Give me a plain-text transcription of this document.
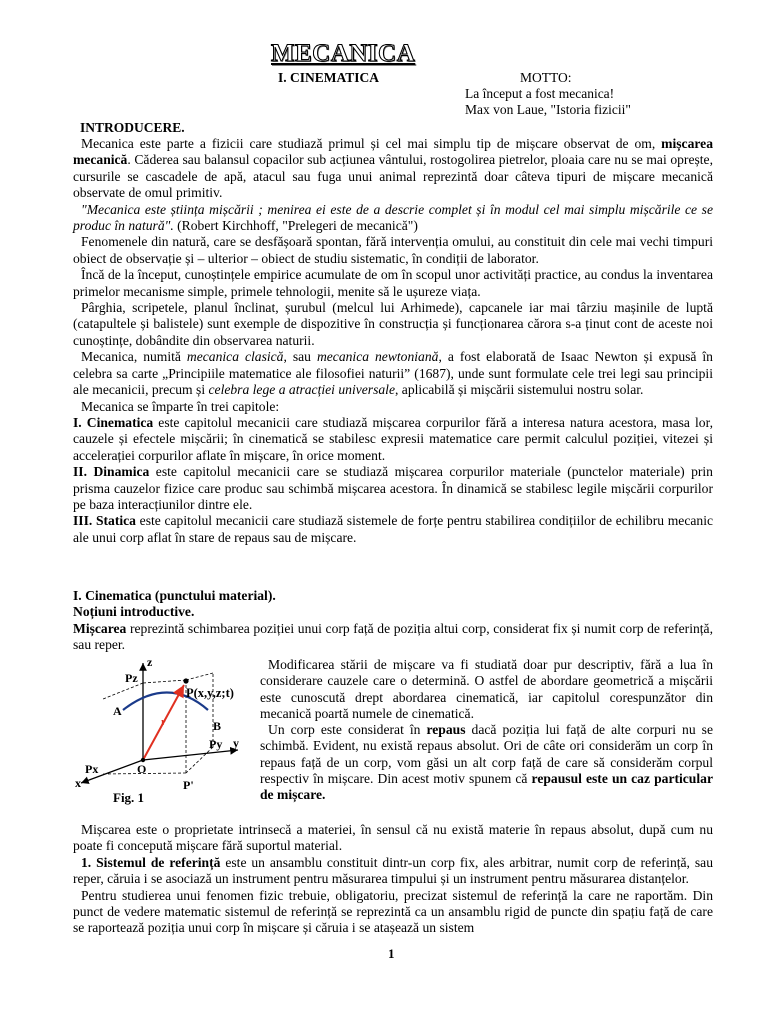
MECANICA
I. CINEMATICA	MOTTO:
La început a fost mecanica!
Max von Laue, "Istoria fizicii"
INTRODUCERE.

Mecanica este parte a fizicii care studiază primul și cel mai simplu tip de mișcare observat de om, mișcarea mecanică. Căderea sau balansul copacilor sub acțiunea vântului, rostogolirea pietrelor, ploaia care nu se mai oprește, cursurile se cascadele de apă, atacul sau fuga unui animal reprezintă doar câteva tipuri de mișcare mecanică observate de omul primitiv.

"Mecanica este știința mișcării ; menirea ei este de a descrie complet și în modul cel mai simplu mișcările ce se produc în natură". (Robert Kirchhoff, "Prelegeri de mecanică")

Fenomenele din natură, care se desfășoară spontan, fără intervenția omului, au constituit din cele mai vechi timpuri obiect de observație și – ulterior – obiect de studiu sistematic, în condiții de laborator.

Încă de la început, cunoștințele empirice acumulate de om în scopul unor activități practice, au condus la inventarea primelor mecanisme simple, primele tehnologii, menite să le ușureze viața.

Pârghia, scripetele, planul înclinat, șurubul (melcul lui Arhimede), capcanele iar mai târziu mașinile de luptă (catapultele și balistele) sunt exemple de dispozitive în construcția și funcționarea cărora s-a ținut cont de aceste noi cunoștințe, dobândite din observarea naturii.

Mecanica, numită mecanica clasică, sau mecanica newtoniană, a fost elaborată de Isaac Newton și expusă în celebra sa carte „Principiile matematice ale filosofiei naturii” (1687), unde sunt formulate cele trei legi sau principii ale mecanicii, precum și celebra lege a atracției universale, aplicabilă și mișcării sistemului nostru solar.

Mecanica se împarte în trei capitole:

I. Cinematica este capitolul mecanicii care studiază mișcarea corpurilor fără a interesa natura acestora, masa lor, cauzele și efectele mișcării; în cinematică se stabilesc expresii matematice care permit calculul poziției, vitezei și accelerației corpurilor aflate în mișcare, în orice moment.

II. Dinamica este capitolul mecanicii care se studiază mișcarea corpurilor materiale (punctelor materiale) prin prisma cauzelor fizice care produc sau schimbă mișcarea acestora. În dinamică se stabilesc legile mișcării corpurilor pe baza interacțiunilor dintre ele.

III. Statica este capitolul mecanicii care studiază sistemele de forțe pentru stabilirea condițiilor de echilibru mecanic ale unui corp aflat în stare de repaus sau de mișcare.

I. Cinematica (punctului material).

Noțiuni introductive.

Mișcarea reprezintă schimbarea poziției unui corp față de poziția altui corp, considerat fix și numit corp de referință, sau reper.

z
Pz
P(x,y,z;t)
A
B
r
Py y
O
Px
x	P'
Fig. 1

Modificarea stării de mișcare va fi studiată doar pur descriptiv, fără a lua în considerare cauzele care o determină. O astfel de abordare geometrică a mișcării este cunoscută drept abordarea cinematică, iar capitolul corespunzător din mecanică poartă numele de cinematică.

Un corp este considerat în repaus dacă poziția lui față de alte corpuri nu se schimbă. Evident, nu există repaus absolut. Ori de câte ori considerăm un corp în repaus față de un corp, vom găsi un alt corp față de care să considerăm corpul respectiv în mișcare. Din acest motiv spunem că repausul este un caz particular de mișcare.

Mișcarea este o proprietate intrinsecă a materiei, în sensul că nu există materie în repaus absolut, după cum nu poate fi concepută mișcare fără suportul material.

1. Sistemul de referință este un ansamblu constituit dintr-un corp fix, ales arbitrar, numit corp de referință, sau reper, căruia i se asociază un instrument pentru măsurarea timpului și un instrument pentru măsurarea distanțelor.

Pentru studierea unui fenomen fizic trebuie, obligatoriu, precizat sistemul de referință la care ne raportăm. Din punct de vedere matematic sistemul de referință se reprezintă ca un ansamblu rigid de puncte din spațiu față de care se raportează poziția unui corp în mișcare și căruia i se atașează un sistem

1
